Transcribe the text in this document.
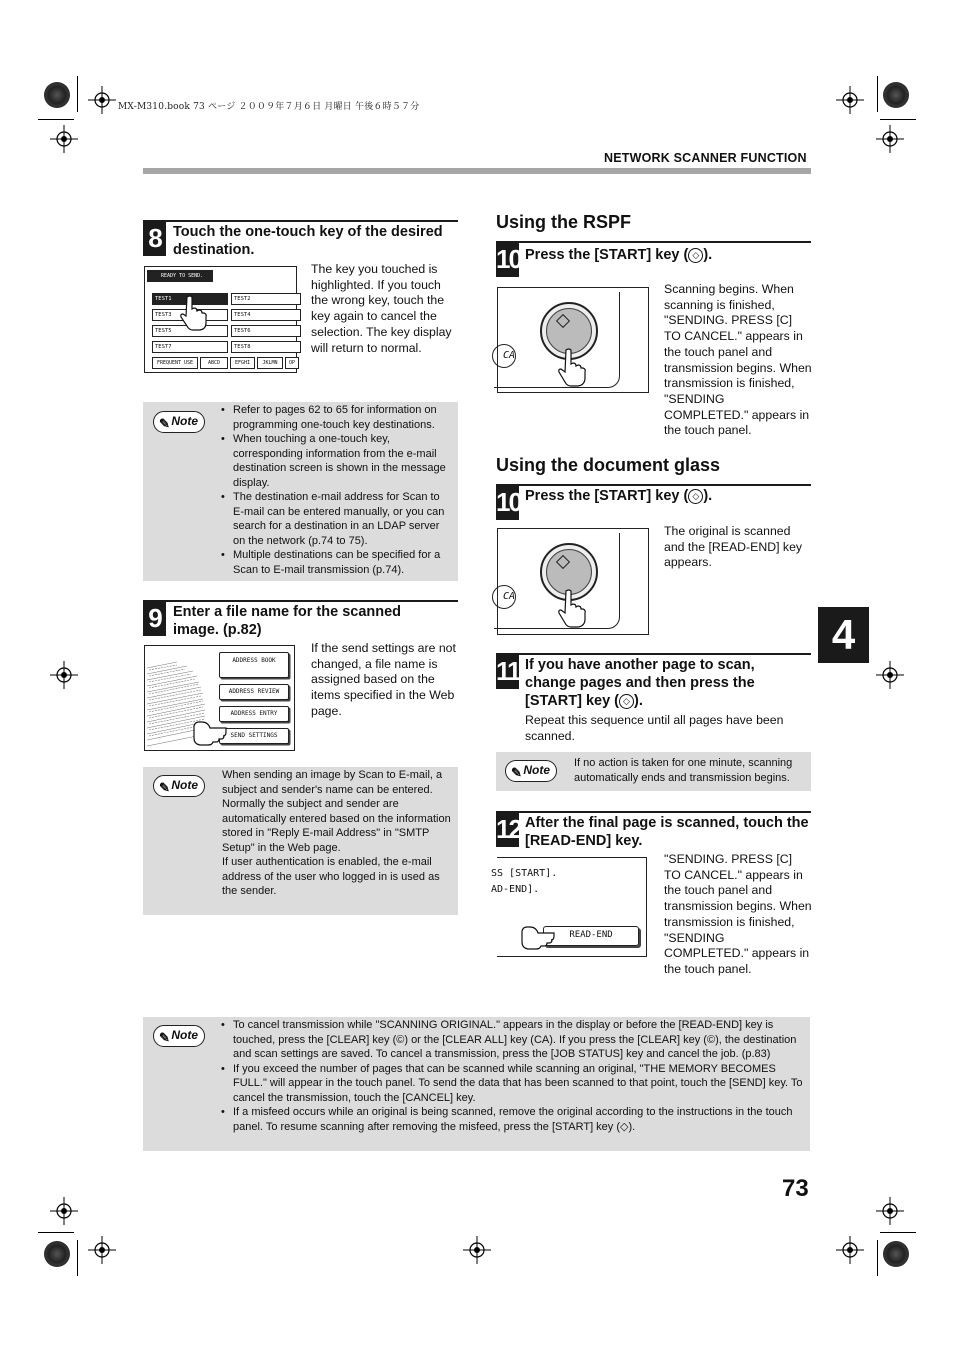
MX-M310.book 73 ページ ２００９年７月６日 月曜日 午後６時５７分
NETWORK SCANNER FUNCTION
8 Touch the one-touch key of the desired destination.
READY TO SEND.
TEST1	TEST2
TEST3	TEST4
TEST5	TEST6
TEST7	TEST8
FREQUENT USE	ABCD	EFGHI	JKLMN	OP
The key you touched is highlighted. If you touch the wrong key, touch the key again to cancel the selection. The key display will return to normal.
✎ Note
• Refer to pages 62 to 65 for information on programming one-touch key destinations.
• When touching a one-touch key, corresponding information from the e-mail destination screen is shown in the message display.
• The destination e-mail address for Scan to E-mail can be entered manually, or you can search for a destination in an LDAP server on the network (p.74 to 75).
• Multiple destinations can be specified for a Scan to E-mail transmission (p.74).
9 Enter a file name for the scanned image. (p.82)
ADDRESS BOOK
ADDRESS REVIEW
ADDRESS ENTRY
SEND SETTINGS
If the send settings are not changed, a file name is assigned based on the items specified in the Web page.
✎ Note
When sending an image by Scan to E-mail, a subject and sender's name can be entered.
Normally the subject and sender are automatically entered based on the information stored in "Reply E-mail Address" in "SMTP Setup" in the Web page.
If user authentication is enabled, the e-mail address of the user who logged in is used as the sender.
Using the RSPF
10 Press the [START] key ( ◇ ).
CA
Scanning begins. When scanning is finished, "SENDING. PRESS [C] TO CANCEL." appears in the touch panel and transmission begins. When transmission is finished, "SENDING COMPLETED." appears in the touch panel.
Using the document glass
10 Press the [START] key ( ◇ ).
CA
The original is scanned and the [READ-END] key appears.
4
11 If you have another page to scan, change pages and then press the [START] key ( ◇ ).
Repeat this sequence until all pages have been scanned.
✎ Note	If no action is taken for one minute, scanning automatically ends and transmission begins.
12 After the final page is scanned, touch the [READ-END] key.
SS [START].
AD-END].
READ-END
"SENDING. PRESS [C] TO CANCEL." appears in the touch panel and transmission begins. When transmission is finished, "SENDING COMPLETED." appears in the touch panel.
✎ Note
• To cancel transmission while "SCANNING ORIGINAL." appears in the display or before the [READ-END] key is touched, press the [CLEAR] key (©) or the [CLEAR ALL] key (CA). If you press the [CLEAR] key (©), the destination and scan settings are saved. To cancel a transmission, press the [JOB STATUS] key and cancel the job. (p.83)
• If you exceed the number of pages that can be scanned while scanning an original, "THE MEMORY BECOMES FULL." will appear in the touch panel. To send the data that has been scanned to that point, touch the [SEND] key. To cancel the transmission, touch the [CANCEL] key.
• If a misfeed occurs while an original is being scanned, remove the original according to the instructions in the touch panel. To resume scanning after removing the misfeed, press the [START] key (◇).
73
